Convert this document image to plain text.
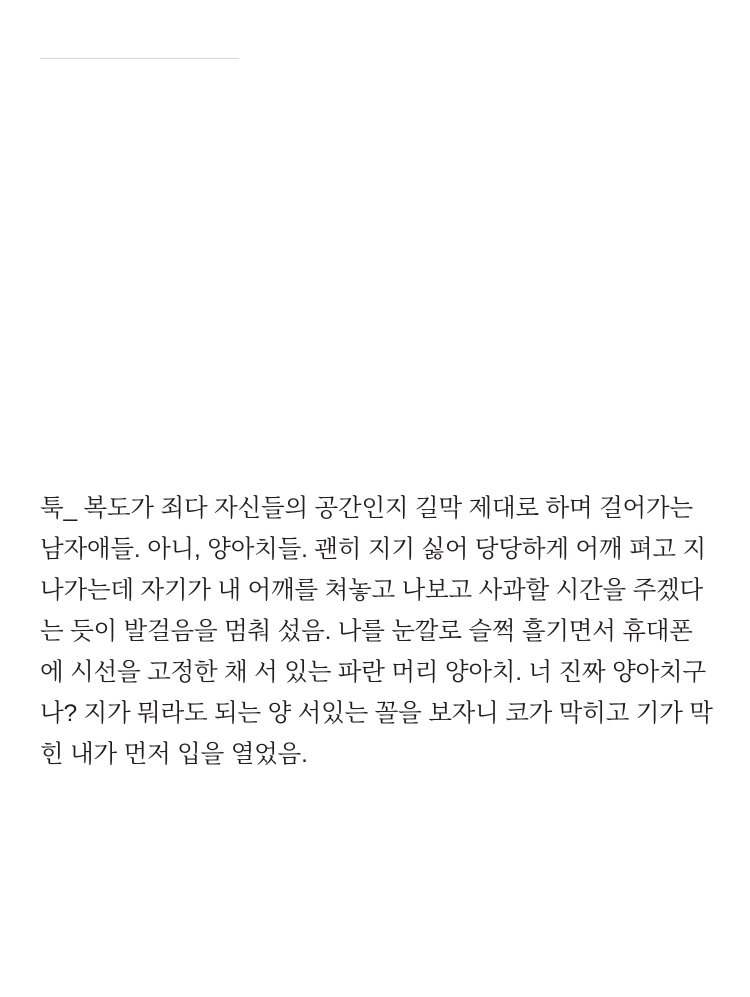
툭_ 복도가 죄다 자신들의 공간인지 길막 제대로 하며 걸어가는 남자애들. 아니, 양아치들. 괜히 지기 싫어 당당하게 어깨 펴고 지나가는데 자기가 내 어깨를 쳐놓고 나보고 사과할 시간을 주겠다는 듯이 발걸음을 멈춰 섰음. 나를 눈깔로 슬쩍 흘기면서 휴대폰에 시선을 고정한 채 서 있는 파란 머리 양아치. 너 진짜 양아치구나? 지가 뭐라도 되는 양 서있는 꼴을 보자니 코가 막히고 기가 막힌 내가 먼저 입을 열었음.
